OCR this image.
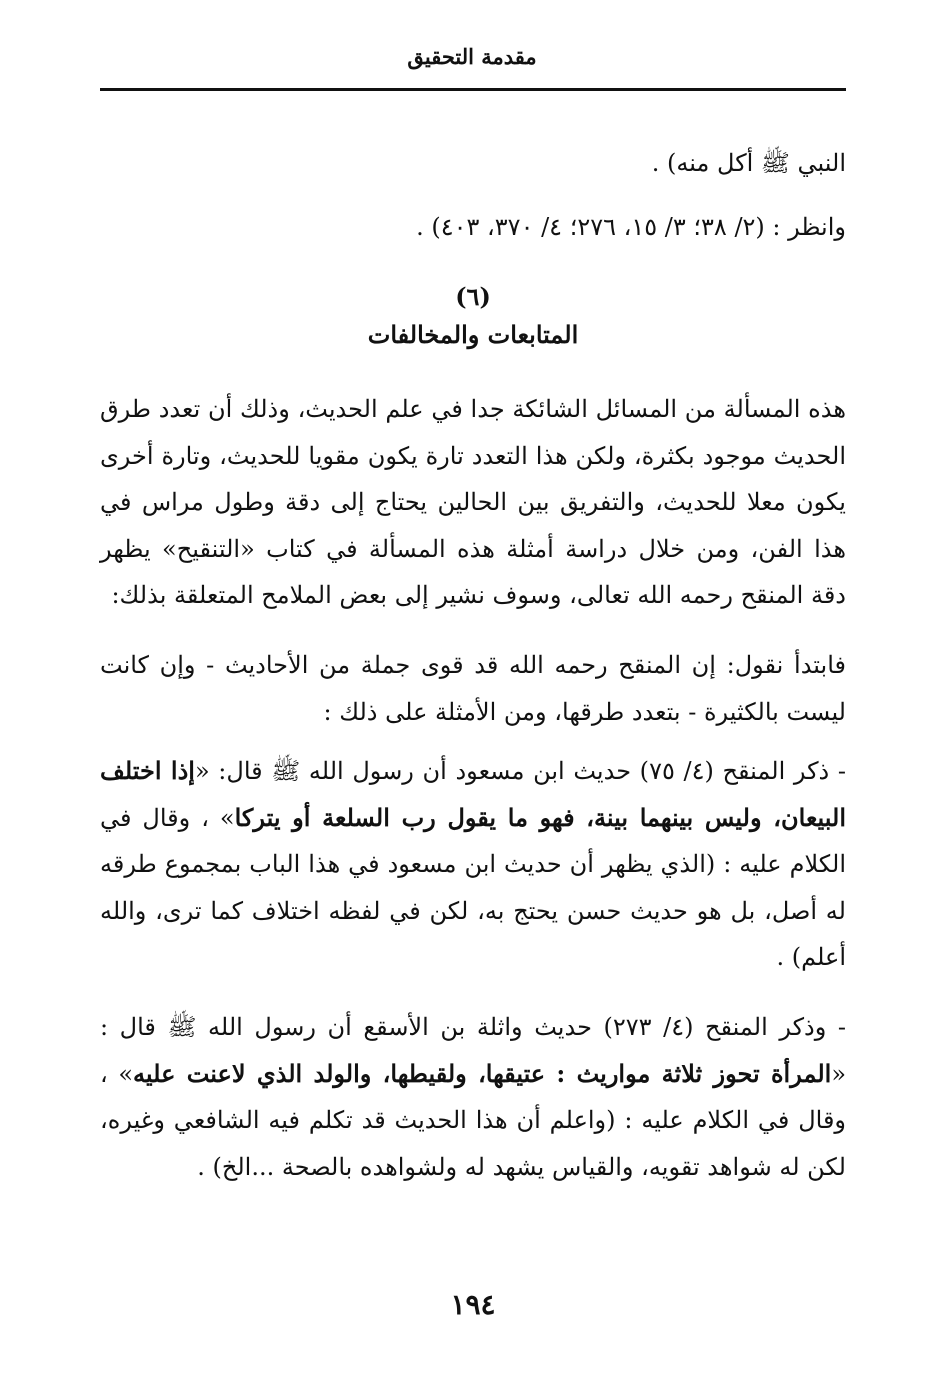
مقدمة التحقيق
النبي ﷺ أكل منه) .
وانظر : (٢/ ٣٨؛ ٣/ ١٥، ٢٧٦؛ ٤/ ٣٧٠، ٤٠٣) .
(٦)
المتابعات والمخالفات
هذه المسألة من المسائل الشائكة جدا في علم الحديث، وذلك أن تعدد طرق الحديث موجود بكثرة، ولكن هذا التعدد تارة يكون مقويا للحديث، وتارة أخرى يكون معلا للحديث، والتفريق بين الحالين يحتاج إلى دقة وطول مراس في هذا الفن، ومن خلال دراسة أمثلة هذه المسألة في كتاب «التنقيح» يظهر دقة المنقح رحمه الله تعالى، وسوف نشير إلى بعض الملامح المتعلقة بذلك:
فابتدأ نقول: إن المنقح رحمه الله قد قوى جملة من الأحاديث - وإن كانت ليست بالكثيرة - بتعدد طرقها، ومن الأمثلة على ذلك :
- ذكر المنقح (٤/ ٧٥) حديث ابن مسعود أن رسول الله ﷺ قال: «إذا اختلف البيعان، وليس بينهما بينة، فهو ما يقول رب السلعة أو يتركا» ، وقال في الكلام عليه : (الذي يظهر أن حديث ابن مسعود في هذا الباب بمجموع طرقه له أصل، بل هو حديث حسن يحتج به، لكن في لفظه اختلاف كما ترى، والله أعلم) .
- وذكر المنقح (٤/ ٢٧٣) حديث واثلة بن الأسقع أن رسول الله ﷺ قال : «المرأة تحوز ثلاثة مواريث : عتيقها، ولقيطها، والولد الذي لاعنت عليه» ، وقال في الكلام عليه : (واعلم أن هذا الحديث قد تكلم فيه الشافعي وغيره، لكن له شواهد تقويه، والقياس يشهد له ولشواهده بالصحة ...الخ) .
١٩٤
